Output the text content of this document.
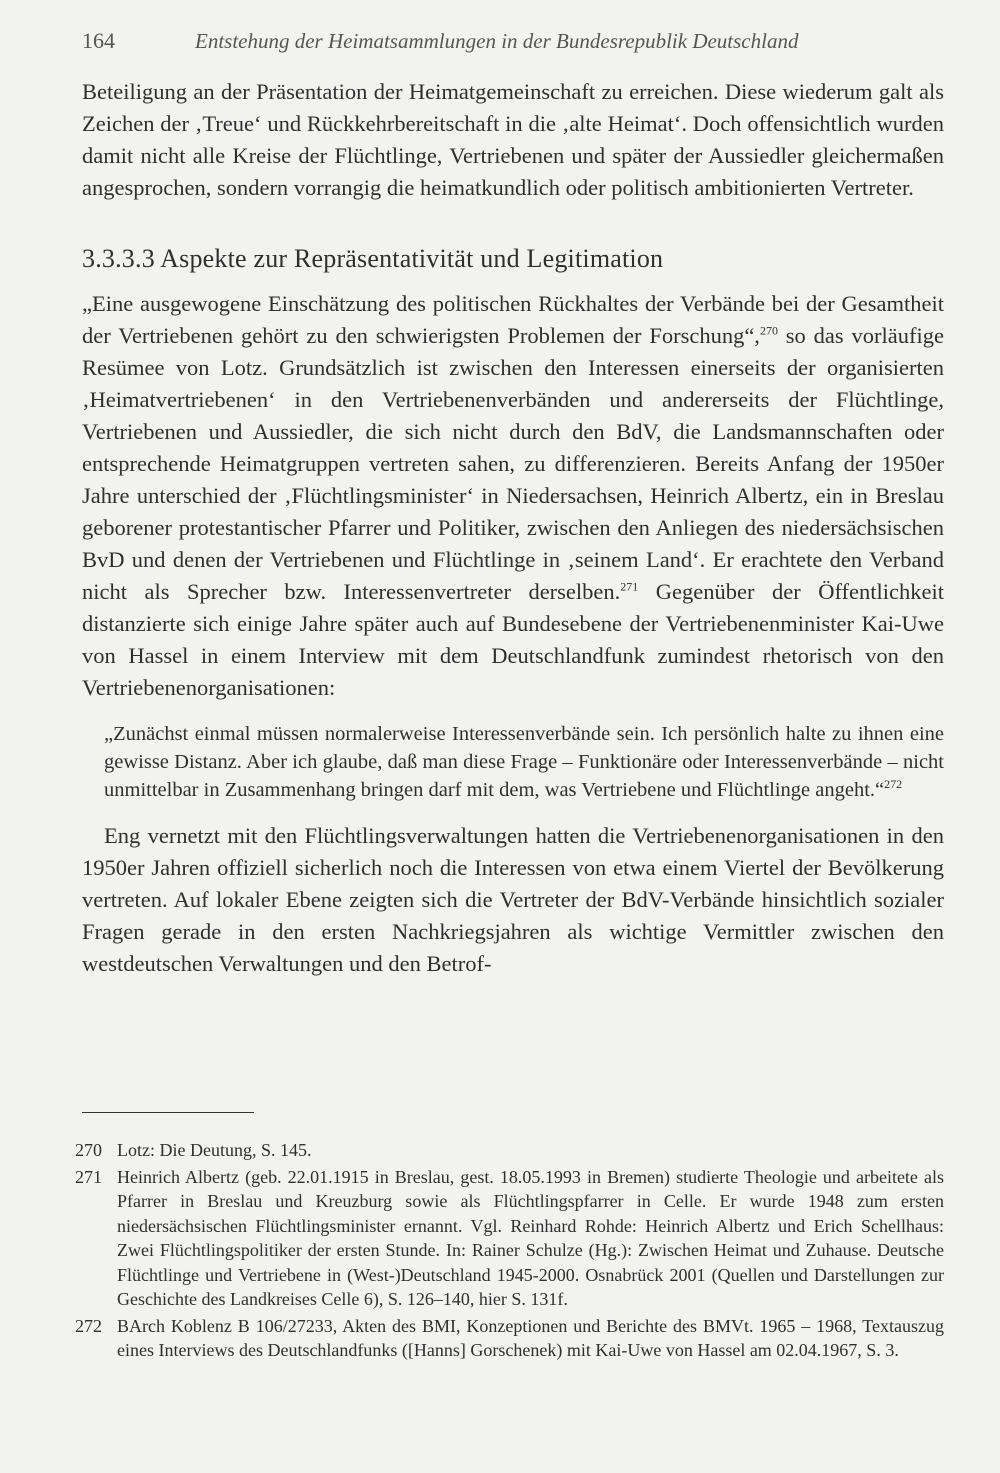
164	Entstehung der Heimatsammlungen in der Bundesrepublik Deutschland

Beteiligung an der Präsentation der Heimatgemeinschaft zu erreichen. Diese wiederum galt als Zeichen der ‚Treue‘ und Rückkehrbereitschaft in die ‚alte Heimat‘. Doch offensichtlich wurden damit nicht alle Kreise der Flüchtlinge, Vertriebenen und später der Aussiedler gleichermaßen angesprochen, sondern vorrangig die heimatkundlich oder politisch ambitionierten Vertreter.

3.3.3.3 Aspekte zur Repräsentativität und Legitimation

„Eine ausgewogene Einschätzung des politischen Rückhaltes der Verbände bei der Gesamtheit der Vertriebenen gehört zu den schwierigsten Problemen der Forschung“,$^{270}$ so das vorläufige Resümee von Lotz. Grundsätzlich ist zwischen den Interessen einerseits der organisierten ‚Heimatvertriebenen‘ in den Vertriebenenverbänden und andererseits der Flüchtlinge, Vertriebenen und Aussiedler, die sich nicht durch den BdV, die Landsmannschaften oder entsprechende Heimatgruppen vertreten sahen, zu differenzieren. Bereits Anfang der 1950er Jahre unterschied der ‚Flüchtlingsminister‘ in Niedersachsen, Heinrich Albertz, ein in Breslau geborener protestantischer Pfarrer und Politiker, zwischen den Anliegen des niedersächsischen BvD und denen der Vertriebenen und Flüchtlinge in ‚seinem Land‘. Er erachtete den Verband nicht als Sprecher bzw. Interessenvertreter derselben.$^{271}$ Gegenüber der Öffentlichkeit distanzierte sich einige Jahre später auch auf Bundesebene der Vertriebenenminister Kai-Uwe von Hassel in einem Interview mit dem Deutschlandfunk zumindest rhetorisch von den Vertriebenenorganisationen:

„Zunächst einmal müssen normalerweise Interessenverbände sein. Ich persönlich halte zu ihnen eine gewisse Distanz. Aber ich glaube, daß man diese Frage – Funktionäre oder Interessenverbände – nicht unmittelbar in Zusammenhang bringen darf mit dem, was Vertriebene und Flüchtlinge angeht.“$^{272}$

Eng vernetzt mit den Flüchtlingsverwaltungen hatten die Vertriebenenorganisationen in den 1950er Jahren offiziell sicherlich noch die Interessen von etwa einem Viertel der Bevölkerung vertreten. Auf lokaler Ebene zeigten sich die Vertreter der BdV-Verbände hinsichtlich sozialer Fragen gerade in den ersten Nachkriegsjahren als wichtige Vermittler zwischen den westdeutschen Verwaltungen und den Betrof-

270 Lotz: Die Deutung, S. 145.
271 Heinrich Albertz (geb. 22.01.1915 in Breslau, gest. 18.05.1993 in Bremen) studierte Theologie und arbeitete als Pfarrer in Breslau und Kreuzburg sowie als Flüchtlingspfarrer in Celle. Er wurde 1948 zum ersten niedersächsischen Flüchtlingsminister ernannt. Vgl. Reinhard Rohde: Heinrich Albertz und Erich Schellhaus: Zwei Flüchtlingspolitiker der ersten Stunde. In: Rainer Schulze (Hg.): Zwischen Heimat und Zuhause. Deutsche Flüchtlinge und Vertriebene in (West-)Deutschland 1945-2000. Osnabrück 2001 (Quellen und Darstellungen zur Geschichte des Landkreises Celle 6), S. 126–140, hier S. 131f.
272 BArch Koblenz B 106/27233, Akten des BMI, Konzeptionen und Berichte des BMVt. 1965 – 1968, Textauszug eines Interviews des Deutschlandfunks ([Hanns] Gorschenek) mit Kai-Uwe von Hassel am 02.04.1967, S. 3.
